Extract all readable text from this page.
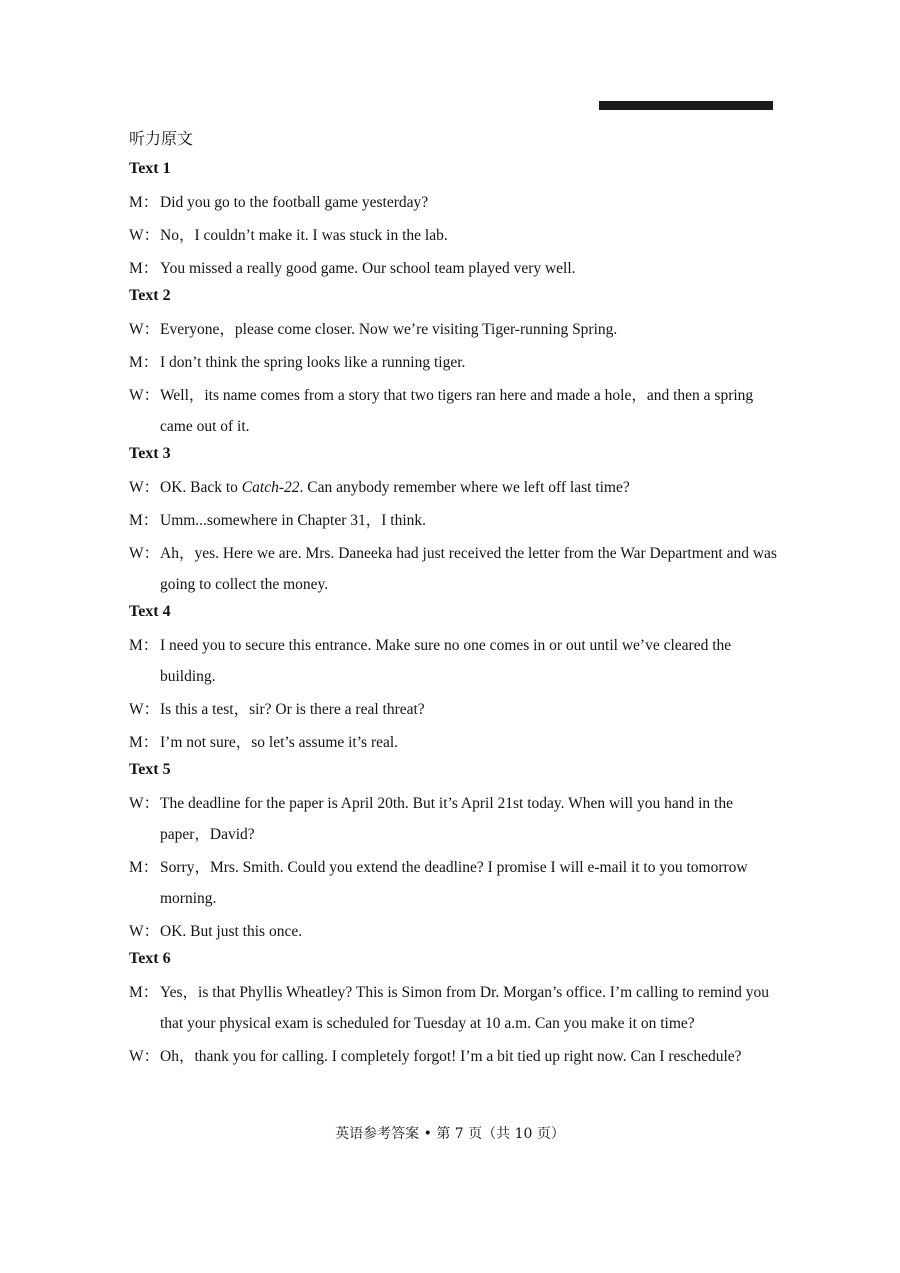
听力原文
Text 1
M： Did you go to the football game yesterday?
W： No，I couldn’t make it. I was stuck in the lab.
M： You missed a really good game. Our school team played very well.
Text 2
W： Everyone，please come closer. Now we’re visiting Tiger-running Spring.
M： I don’t think the spring looks like a running tiger.
W： Well，its name comes from a story that two tigers ran here and made a hole，and then a spring came out of it.
Text 3
W： OK. Back to Catch-22. Can anybody remember where we left off last time?
M： Umm...somewhere in Chapter 31，I think.
W： Ah，yes. Here we are. Mrs. Daneeka had just received the letter from the War Department and was going to collect the money.
Text 4
M： I need you to secure this entrance. Make sure no one comes in or out until we’ve cleared the building.
W： Is this a test，sir? Or is there a real threat?
M： I’m not sure，so let’s assume it’s real.
Text 5
W： The deadline for the paper is April 20th. But it’s April 21st today. When will you hand in the paper，David?
M： Sorry，Mrs. Smith. Could you extend the deadline? I promise I will e-mail it to you tomorrow morning.
W： OK. But just this once.
Text 6
M： Yes，is that Phyllis Wheatley? This is Simon from Dr. Morgan’s office. I’m calling to remind you that your physical exam is scheduled for Tuesday at 10 a.m. Can you make it on time?
W： Oh，thank you for calling. I completely forgot! I’m a bit tied up right now. Can I reschedule?
英语参考答案 • 第 7 页（共 10 页）
